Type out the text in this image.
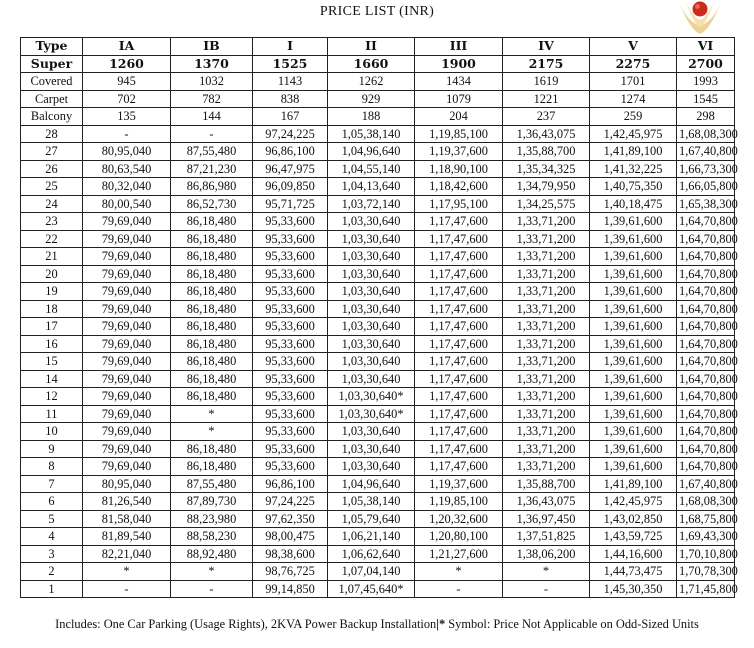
PRICE LIST (INR)
Type	IA	IB	I	II	III	IV	V	VI
Super	1260	1370	1525	1660	1900	2175	2275	2700
Covered	945	1032	1143	1262	1434	1619	1701	1993
Carpet	702	782	838	929	1079	1221	1274	1545
Balcony	135	144	167	188	204	237	259	298
28	-	-	97,24,225	1,05,38,140	1,19,85,100	1,36,43,075	1,42,45,975	1,68,08,300
27	80,95,040	87,55,480	96,86,100	1,04,96,640	1,19,37,600	1,35,88,700	1,41,89,100	1,67,40,800
26	80,63,540	87,21,230	96,47,975	1,04,55,140	1,18,90,100	1,35,34,325	1,41,32,225	1,66,73,300
25	80,32,040	86,86,980	96,09,850	1,04,13,640	1,18,42,600	1,34,79,950	1,40,75,350	1,66,05,800
24	80,00,540	86,52,730	95,71,725	1,03,72,140	1,17,95,100	1,34,25,575	1,40,18,475	1,65,38,300
23	79,69,040	86,18,480	95,33,600	1,03,30,640	1,17,47,600	1,33,71,200	1,39,61,600	1,64,70,800
22	79,69,040	86,18,480	95,33,600	1,03,30,640	1,17,47,600	1,33,71,200	1,39,61,600	1,64,70,800
21	79,69,040	86,18,480	95,33,600	1,03,30,640	1,17,47,600	1,33,71,200	1,39,61,600	1,64,70,800
20	79,69,040	86,18,480	95,33,600	1,03,30,640	1,17,47,600	1,33,71,200	1,39,61,600	1,64,70,800
19	79,69,040	86,18,480	95,33,600	1,03,30,640	1,17,47,600	1,33,71,200	1,39,61,600	1,64,70,800
18	79,69,040	86,18,480	95,33,600	1,03,30,640	1,17,47,600	1,33,71,200	1,39,61,600	1,64,70,800
17	79,69,040	86,18,480	95,33,600	1,03,30,640	1,17,47,600	1,33,71,200	1,39,61,600	1,64,70,800
16	79,69,040	86,18,480	95,33,600	1,03,30,640	1,17,47,600	1,33,71,200	1,39,61,600	1,64,70,800
15	79,69,040	86,18,480	95,33,600	1,03,30,640	1,17,47,600	1,33,71,200	1,39,61,600	1,64,70,800
14	79,69,040	86,18,480	95,33,600	1,03,30,640	1,17,47,600	1,33,71,200	1,39,61,600	1,64,70,800
12	79,69,040	86,18,480	95,33,600	1,03,30,640*	1,17,47,600	1,33,71,200	1,39,61,600	1,64,70,800
11	79,69,040	*	95,33,600	1,03,30,640*	1,17,47,600	1,33,71,200	1,39,61,600	1,64,70,800
10	79,69,040	*	95,33,600	1,03,30,640	1,17,47,600	1,33,71,200	1,39,61,600	1,64,70,800
9	79,69,040	86,18,480	95,33,600	1,03,30,640	1,17,47,600	1,33,71,200	1,39,61,600	1,64,70,800
8	79,69,040	86,18,480	95,33,600	1,03,30,640	1,17,47,600	1,33,71,200	1,39,61,600	1,64,70,800
7	80,95,040	87,55,480	96,86,100	1,04,96,640	1,19,37,600	1,35,88,700	1,41,89,100	1,67,40,800
6	81,26,540	87,89,730	97,24,225	1,05,38,140	1,19,85,100	1,36,43,075	1,42,45,975	1,68,08,300
5	81,58,040	88,23,980	97,62,350	1,05,79,640	1,20,32,600	1,36,97,450	1,43,02,850	1,68,75,800
4	81,89,540	88,58,230	98,00,475	1,06,21,140	1,20,80,100	1,37,51,825	1,43,59,725	1,69,43,300
3	82,21,040	88,92,480	98,38,600	1,06,62,640	1,21,27,600	1,38,06,200	1,44,16,600	1,70,10,800
2	*	*	98,76,725	1,07,04,140	*	*	1,44,73,475	1,70,78,300
1	-	-	99,14,850	1,07,45,640*	-	-	1,45,30,350	1,71,45,800
Includes: One Car Parking (Usage Rights), 2KVA Power Backup Installation|* Symbol: Price Not Applicable on Odd-Sized Units
